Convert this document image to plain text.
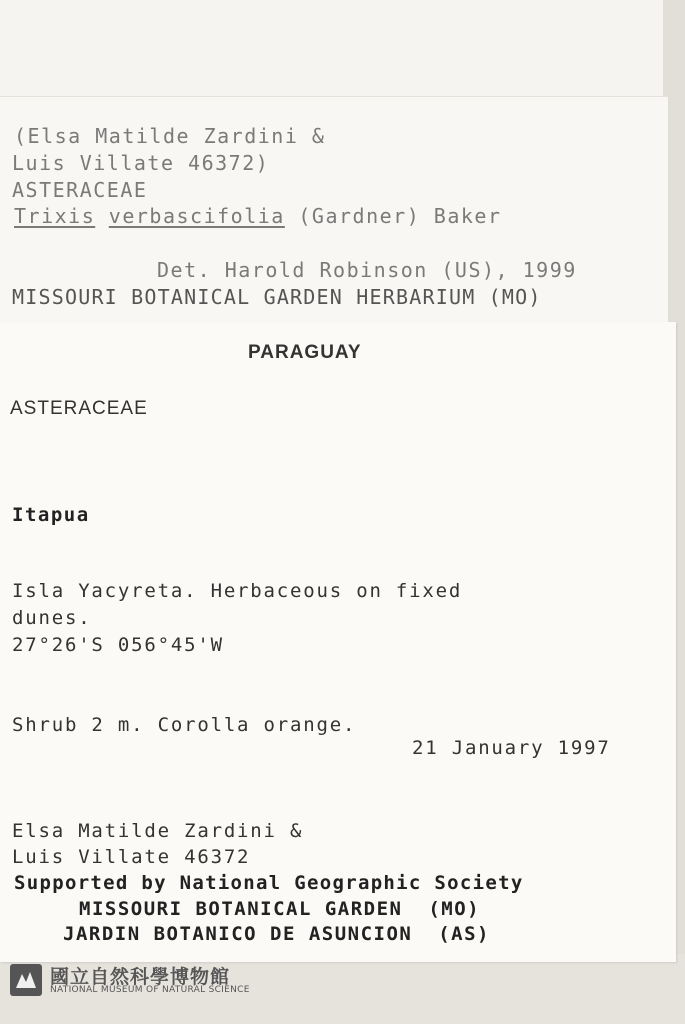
(Elsa Matilde Zardini &
Luis Villate 46372)
ASTERACEAE
Trixis verbascifolia (Gardner) Baker
Det. Harold Robinson (US), 1999
MISSOURI BOTANICAL GARDEN HERBARIUM (MO)
PARAGUAY
ASTERACEAE
Itapua
Isla Yacyreta. Herbaceous on fixed
dunes.
27°26'S 056°45'W
Shrub 2 m. Corolla orange.
21 January 1997
Elsa Matilde Zardini &
Luis Villate 46372
Supported by National Geographic Society
MISSOURI BOTANICAL GARDEN  (MO)
JARDIN BOTANICO DE ASUNCION  (AS)
國立自然科學博物館
NATIONAL MUSEUM OF NATURAL SCIENCE
